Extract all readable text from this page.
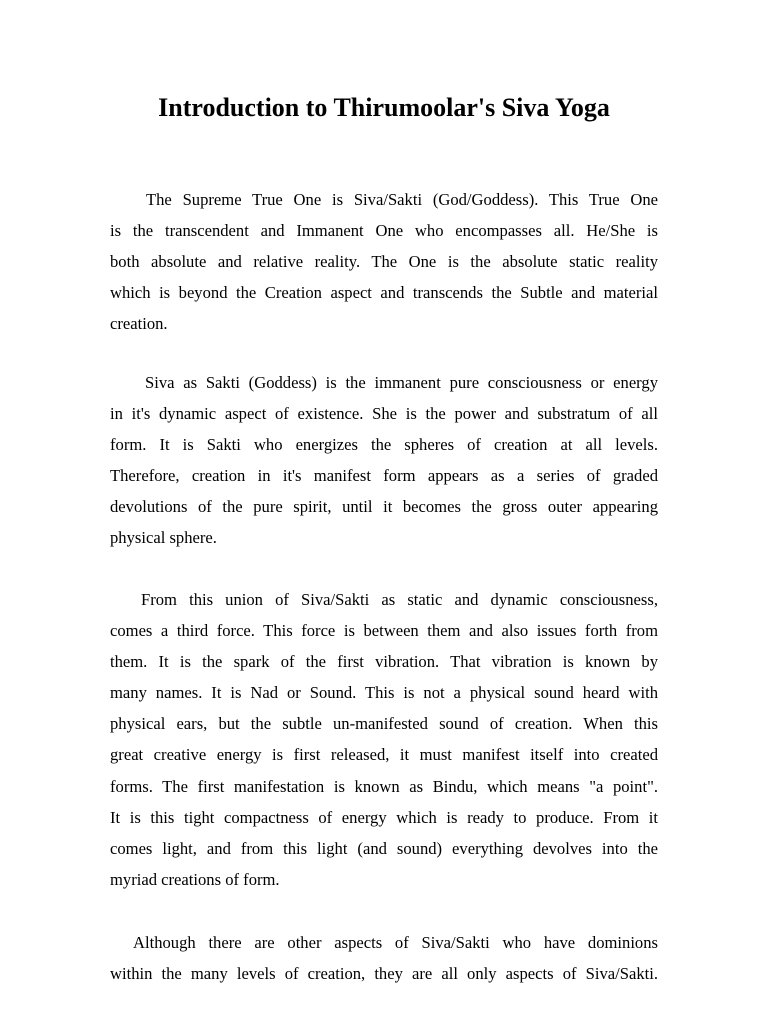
Introduction to Thirumoolar's Siva Yoga
The Supreme True One is Siva/Sakti (God/Goddess). This True One
is the transcendent and Immanent One who encompasses all. He/She is
both absolute and relative reality. The One is the absolute static reality
which is beyond the Creation aspect and transcends the Subtle and material
creation.
Siva as Sakti (Goddess) is the immanent pure consciousness or energy
in it's dynamic aspect of existence. She is the power and substratum of all
form. It is Sakti who energizes the spheres of creation at all levels.
Therefore, creation in it's manifest form appears as a series of graded
devolutions of the pure spirit, until it becomes the gross outer appearing
physical sphere.
From this union of Siva/Sakti as static and dynamic consciousness,
comes a third force. This force is between them and also issues forth from
them. It is the spark of the first vibration. That vibration is known by
many names. It is Nad or Sound. This is not a physical sound heard with
physical ears, but the subtle un-manifested sound of creation. When this
great creative energy is first released, it must manifest itself into created
forms. The first manifestation is known as Bindu, which means "a point".
It is this tight compactness of energy which is ready to produce. From it
comes light, and from this light (and sound) everything devolves into the
myriad creations of form.
Although there are other aspects of Siva/Sakti who have dominions
within the many levels of creation, they are all only aspects of Siva/Sakti.
